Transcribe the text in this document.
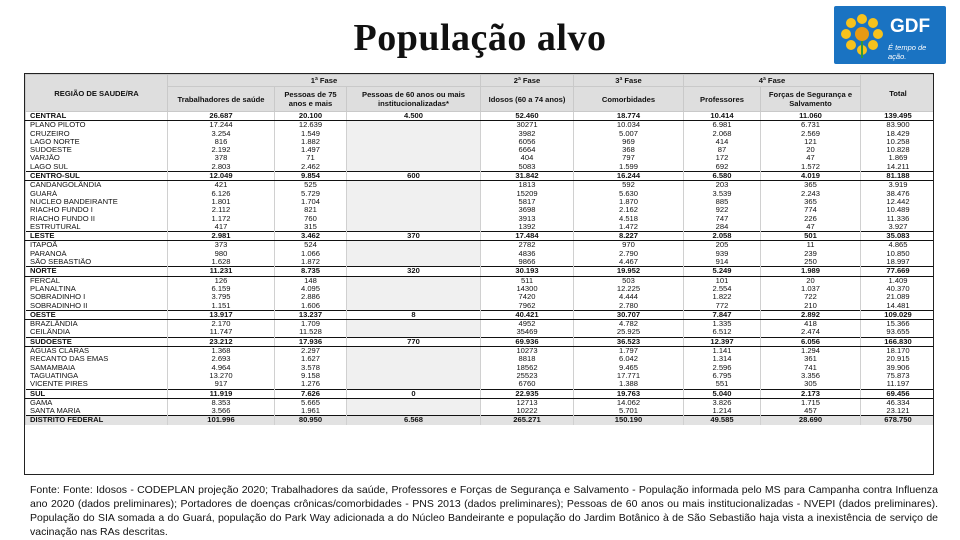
População alvo	GDF
É tempo de ação.
REGIÃO DE SAUDE/RA	1ª Fase			2ª Fase	3ª Fase	4ª Fase		Total
	Trabalhadores de saúde	Pessoas de 75 anos e mais	Pessoas de 60 anos ou mais institucionalizadas*	Idosos (60 a 74 anos)	Comorbidades	Professores	Forças de Segurança e Salvamento	
CENTRAL	26.687	20.100	4.500	52.460	18.774	10.414	11.060	139.495
PLANO PILOTO	17.244	12.639		30271	10.034	6.981	6.731	83.900
CRUZEIRO	3.254	1.549		3982	5.007	2.068	2.569	18.429
LAGO NORTE	816	1.882		6056	969	414	121	10.258
SUDOESTE	2.192	1.497		6664	368	87	20	10.828
VARJÃO	378	71		404	797	172	47	1.869
LAGO SUL	2.803	2.462		5083	1.599	692	1.572	14.211
CENTRO-SUL	12.049	9.854	600	31.842	16.244	6.580	4.019	81.188
CANDANGOLÂNDIA	421	525		1813	592	203	365	3.919
GUARÁ	6.126	5.729		15209	5.630	3.539	2.243	38.476
NÚCLEO BANDEIRANTE	1.801	1.704		5817	1.870	885	365	12.442
RIACHO FUNDO I	2.112	821		3698	2.162	922	774	10.489
RIACHO FUNDO II	1.172	760		3913	4.518	747	226	11.336
ESTRUTURAL	417	315		1392	1.472	284	47	3.927
LESTE	2.981	3.462	370	17.484	8.227	2.058	501	35.083
ITAPOÃ	373	524		2782	970	205	11	4.865
PARANOÁ	980	1.066		4836	2.790	939	239	10.850
SÃO SEBASTIÃO	1.628	1.872		9866	4.467	914	250	18.997
NORTE	11.231	8.735	320	30.193	19.952	5.249	1.989	77.669
FERCAL	126	148		511	503	101	20	1.409
PLANALTINA	6.159	4.095		14300	12.225	2.554	1.037	40.370
SOBRADINHO I	3.795	2.886		7420	4.444	1.822	722	21.089
SOBRADINHO II	1.151	1.606		7962	2.780	772	210	14.481
OESTE	13.917	13.237	8	40.421	30.707	7.847	2.892	109.029
BRAZLÂNDIA	2.170	1.709		4952	4.782	1.335	418	15.366
CEILÂNDIA	11.747	11.528		35469	25.925	6.512	2.474	93.655
SUDOESTE	23.212	17.936	770	69.936	36.523	12.397	6.056	166.830
ÁGUAS CLARAS	1.368	2.297		10273	1.797	1.141	1.294	18.170
RECANTO DAS EMAS	2.693	1.627		8818	6.042	1.314	361	20.915
SAMAMBAIA	4.964	3.578		18562	9.465	2.596	741	39.906
TAGUATINGA	13.270	9.158		25523	17.771	6.795	3.356	75.873
VICENTE PIRES	917	1.276		6760	1.388	551	305	11.197
SUL	11.919	7.626	0	22.935	19.763	5.040	2.173	69.456
GAMA	8.353	5.665		12713	14.062	3.826	1.715	46.334
SANTA MARIA	3.566	1.961		10222	5.701	1.214	457	23.121
DISTRITO FEDERAL	101.996	80.950	6.568	265.271	150.190	49.585	28.690	678.750
Fonte: Fonte: Idosos - CODEPLAN projeção 2020; Trabalhadores da saúde, Professores e Forças de Segurança e Salvamento - População informada pelo MS para Campanha contra Influenza ano 2020 (dados preliminares); Portadores de doenças crônicas/comorbidades - PNS 2013 (dados preliminares); Pessoas de 60 anos ou mais institucionalizadas - NVEPI (dados preliminares). População do SIA somada a do Guará, população do Park Way adicionada a do Núcleo Bandeirante e população do Jardim Botânico à de São Sebastião haja vista a inexistência de serviço de vacinação nas RAs descritas.
